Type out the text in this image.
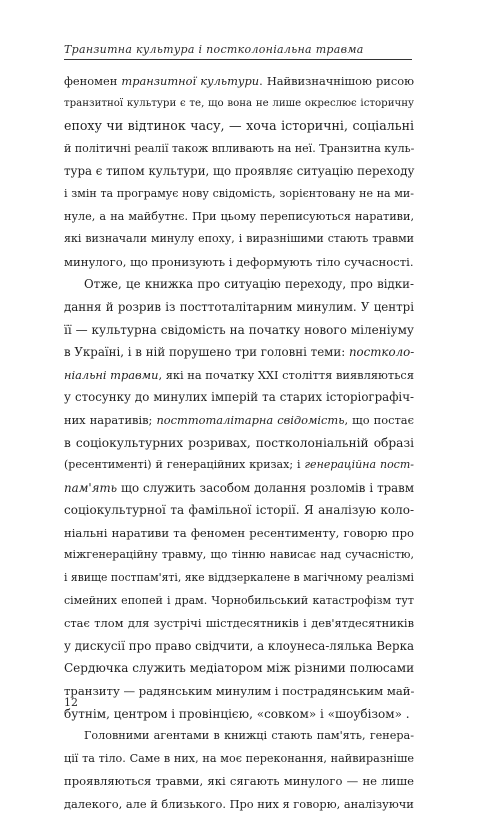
Транзитна культура і постколоніальна травма
феномен транзитної культури. Найвизначнішою рисою
транзитної культури є те, що вона не лише окреслює історичну
епоху чи відтинок часу, — хоча історичні, соціальні
й політичні реалії також впливають на неї. Транзитна куль-
тура є типом культури, що проявляє ситуацію переходу
і змін та програмує нову свідомість, зорієнтовану не на ми-
нуле, а на майбутнє. При цьому переписуються наративи,
які визначали минулу епоху, і виразнішими стають травми
минулого, що пронизують і деформують тіло сучасності.
Отже, це книжка про ситуацію переходу, про відки-
дання й розрив із посттоталітарним минулим. У центрі
її — культурна свідомість на початку нового міленіуму
в Україні, і в ній порушено три головні теми: постколо-
ніальні травми, які на початку XXI століття виявляються
у стосунку до минулих імперій та старих історіографіч-
них наративів; посттоталітарна свідомість, що постає
в соціокультурних розривах, постколоніальній образі
(ресентименті) й генераційних кризах; і генераційна пост-
пам'ять що служить засобом долання розломів і травм
соціокультурної та фамільної історії. Я аналізую коло-
ніальні наративи та феномен ресентименту, говорю про
міжгенераційну травму, що тінню нависає над сучасністю,
і явище постпам'яті, яке віддзеркалене в магічному реалізмі
сімейних епопей і драм. Чорнобильський катастрофізм тут
стає тлом для зустрічі шістдесятників і дев'ятдесятників
у дискусії про право свідчити, а клоунеса-лялька Верка
Сердючка служить медіатором між різними полюсами
транзиту — радянським минулим і пострадянським май-
бутнім, центром і провінцією, «совком» і «шоубізом» .
Головними агентами в книжці стають пам'ять, генера-
ції та тіло. Саме в них, на моє переконання, найвиразніше
проявляються травми, які сягають минулого — не лише
далекого, але й близького. Про них я говорю, аналізуючи
12
